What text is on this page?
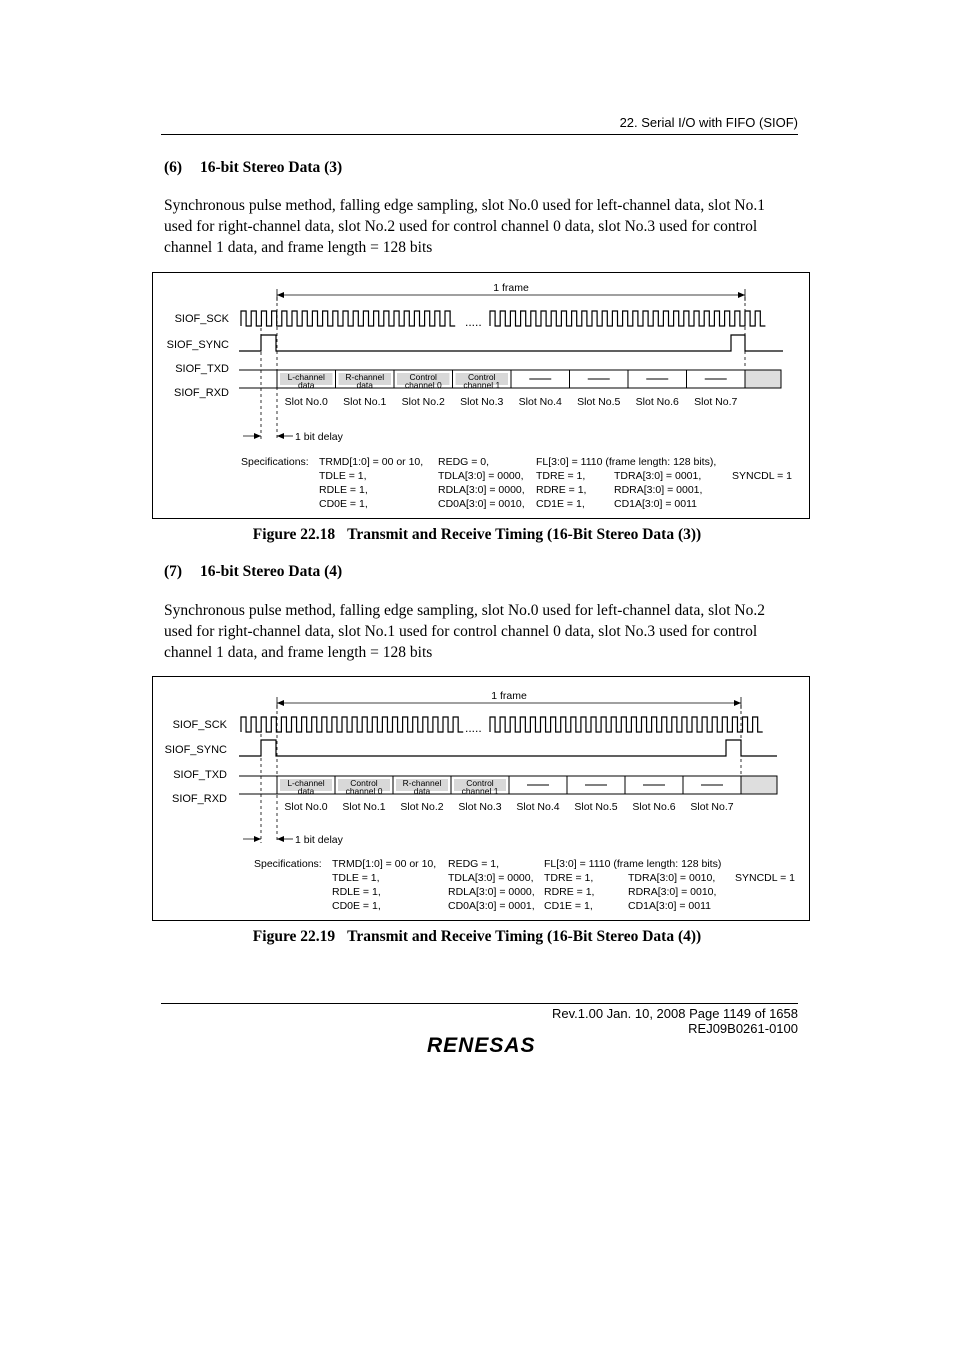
22. Serial I/O with FIFO (SIOF)
(6) 16-bit Stereo Data (3)

Synchronous pulse method, falling edge sampling, slot No.0 used for left-channel data, slot No.1

used for right-channel data, slot No.2 used for control channel 0 data, slot No.3 used for control

channel 1 data, and frame length = 128 bits

SIOF_SCK
SIOF_SYNC
SIOF_TXD
SIOF_RXD
.....
1 frame
L-channel
data
Slot No.0
R-channel
data
Slot No.1
Control
channel 0
Slot No.2
Control
channel 1
Slot No.3 Slot No.4 Slot No.5 Slot No.6 Slot No.7
1 bit delay
Specifications: TRMD[1:0] = 00 or 10, REDG = 0,	FL[3:0] = 1110 (frame length: 128 bits),
TDLE = 1,	TDLA[3:0] = 0000, TDRE = 1,	TDRA[3:0] = 0001,	SYNCDL = 1
RDLE = 1,	RDLA[3:0] = 0000, RDRE = 1,	RDRA[3:0] = 0001,
CD0E = 1,	CD0A[3:0] = 0010, CD1E = 1,	CD1A[3:0] = 0011
Figure 22.18 Transmit and Receive Timing (16-Bit Stereo Data (3))
(7) 16-bit Stereo Data (4)

Synchronous pulse method, falling edge sampling, slot No.0 used for left-channel data, slot No.2

used for right-channel data, slot No.1 used for control channel 0 data, slot No.3 used for control

channel 1 data, and frame length = 128 bits

SIOF_SCK
SIOF_SYNC
SIOF_TXD
SIOF_RXD
.....
1 frame
L-channel
data
Slot No.0
Control
channel 0
Slot No.1
R-channel
data
Slot No.2
Control
channel 1
Slot No.3 Slot No.4 Slot No.5 Slot No.6 Slot No.7
1 bit delay
Specifications: TRMD[1:0] = 00 or 10, REDG = 1,	FL[3:0] = 1110 (frame length: 128 bits)
TDLE = 1,	TDLA[3:0] = 0000, TDRE = 1,	TDRA[3:0] = 0010, SYNCDL = 1
RDLE = 1,	RDLA[3:0] = 0000, RDRE = 1,	RDRA[3:0] = 0010,
CD0E = 1,	CD0A[3:0] = 0001, CD1E = 1,	CD1A[3:0] = 0011
Figure 22.19 Transmit and Receive Timing (16-Bit Stereo Data (4))
Rev.1.00 Jan. 10, 2008 Page 1149 of 1658
REJ09B0261-0100
RENESAS
